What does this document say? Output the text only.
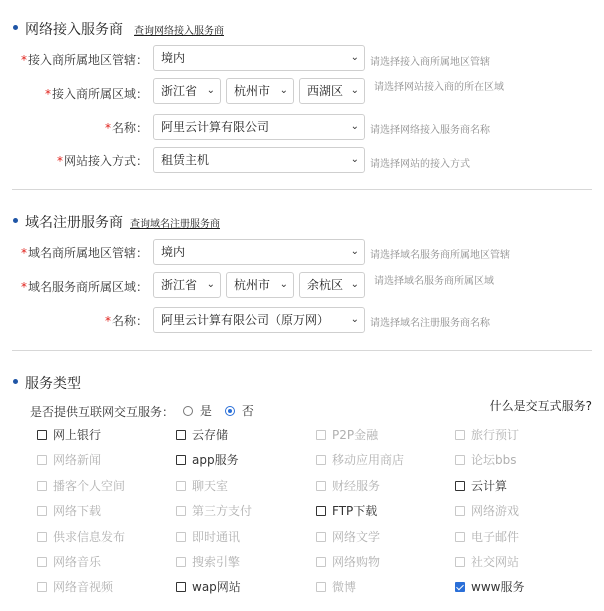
网络接入服务商 查询网络接入服务商
*接入商所属地区管辖：	境内	⌄ 请选择接入商所属地区管辖
*接入商所属区域：	浙江省 ⌄	杭州市 ⌄	西湖区 ⌄ 请选择网站接入商的所在区域
*名称：	阿里云计算有限公司	⌄ 请选择网络接入服务商名称
*网站接入方式：	租赁主机	⌄ 请选择网站的接入方式
域名注册服务商 查询域名注册服务商
*域名商所属地区管辖：	境内	⌄ 请选择域名服务商所属地区管辖
*域名服务商所属区域：	浙江省 ⌄	杭州市 ⌄	余杭区 ⌄ 请选择域名服务商所属区域
*名称：	阿里云计算有限公司（原万网） ⌄ 请选择域名注册服务商名称
服务类型
是否提供互联网交互服务：	是	否	什么是交互式服务?
网上银行	云存储	P2P金融	旅行预订
网络新闻	app服务	移动应用商店	论坛bbs
播客个人空间	聊天室	财经服务	云计算
网络下载	第三方支付	FTP下载	网络游戏
供求信息发布	即时通讯	网络文学	电子邮件
网络音乐	搜索引擎	网络购物	社交网站
网络音视频	wap网站	微博	www服务
